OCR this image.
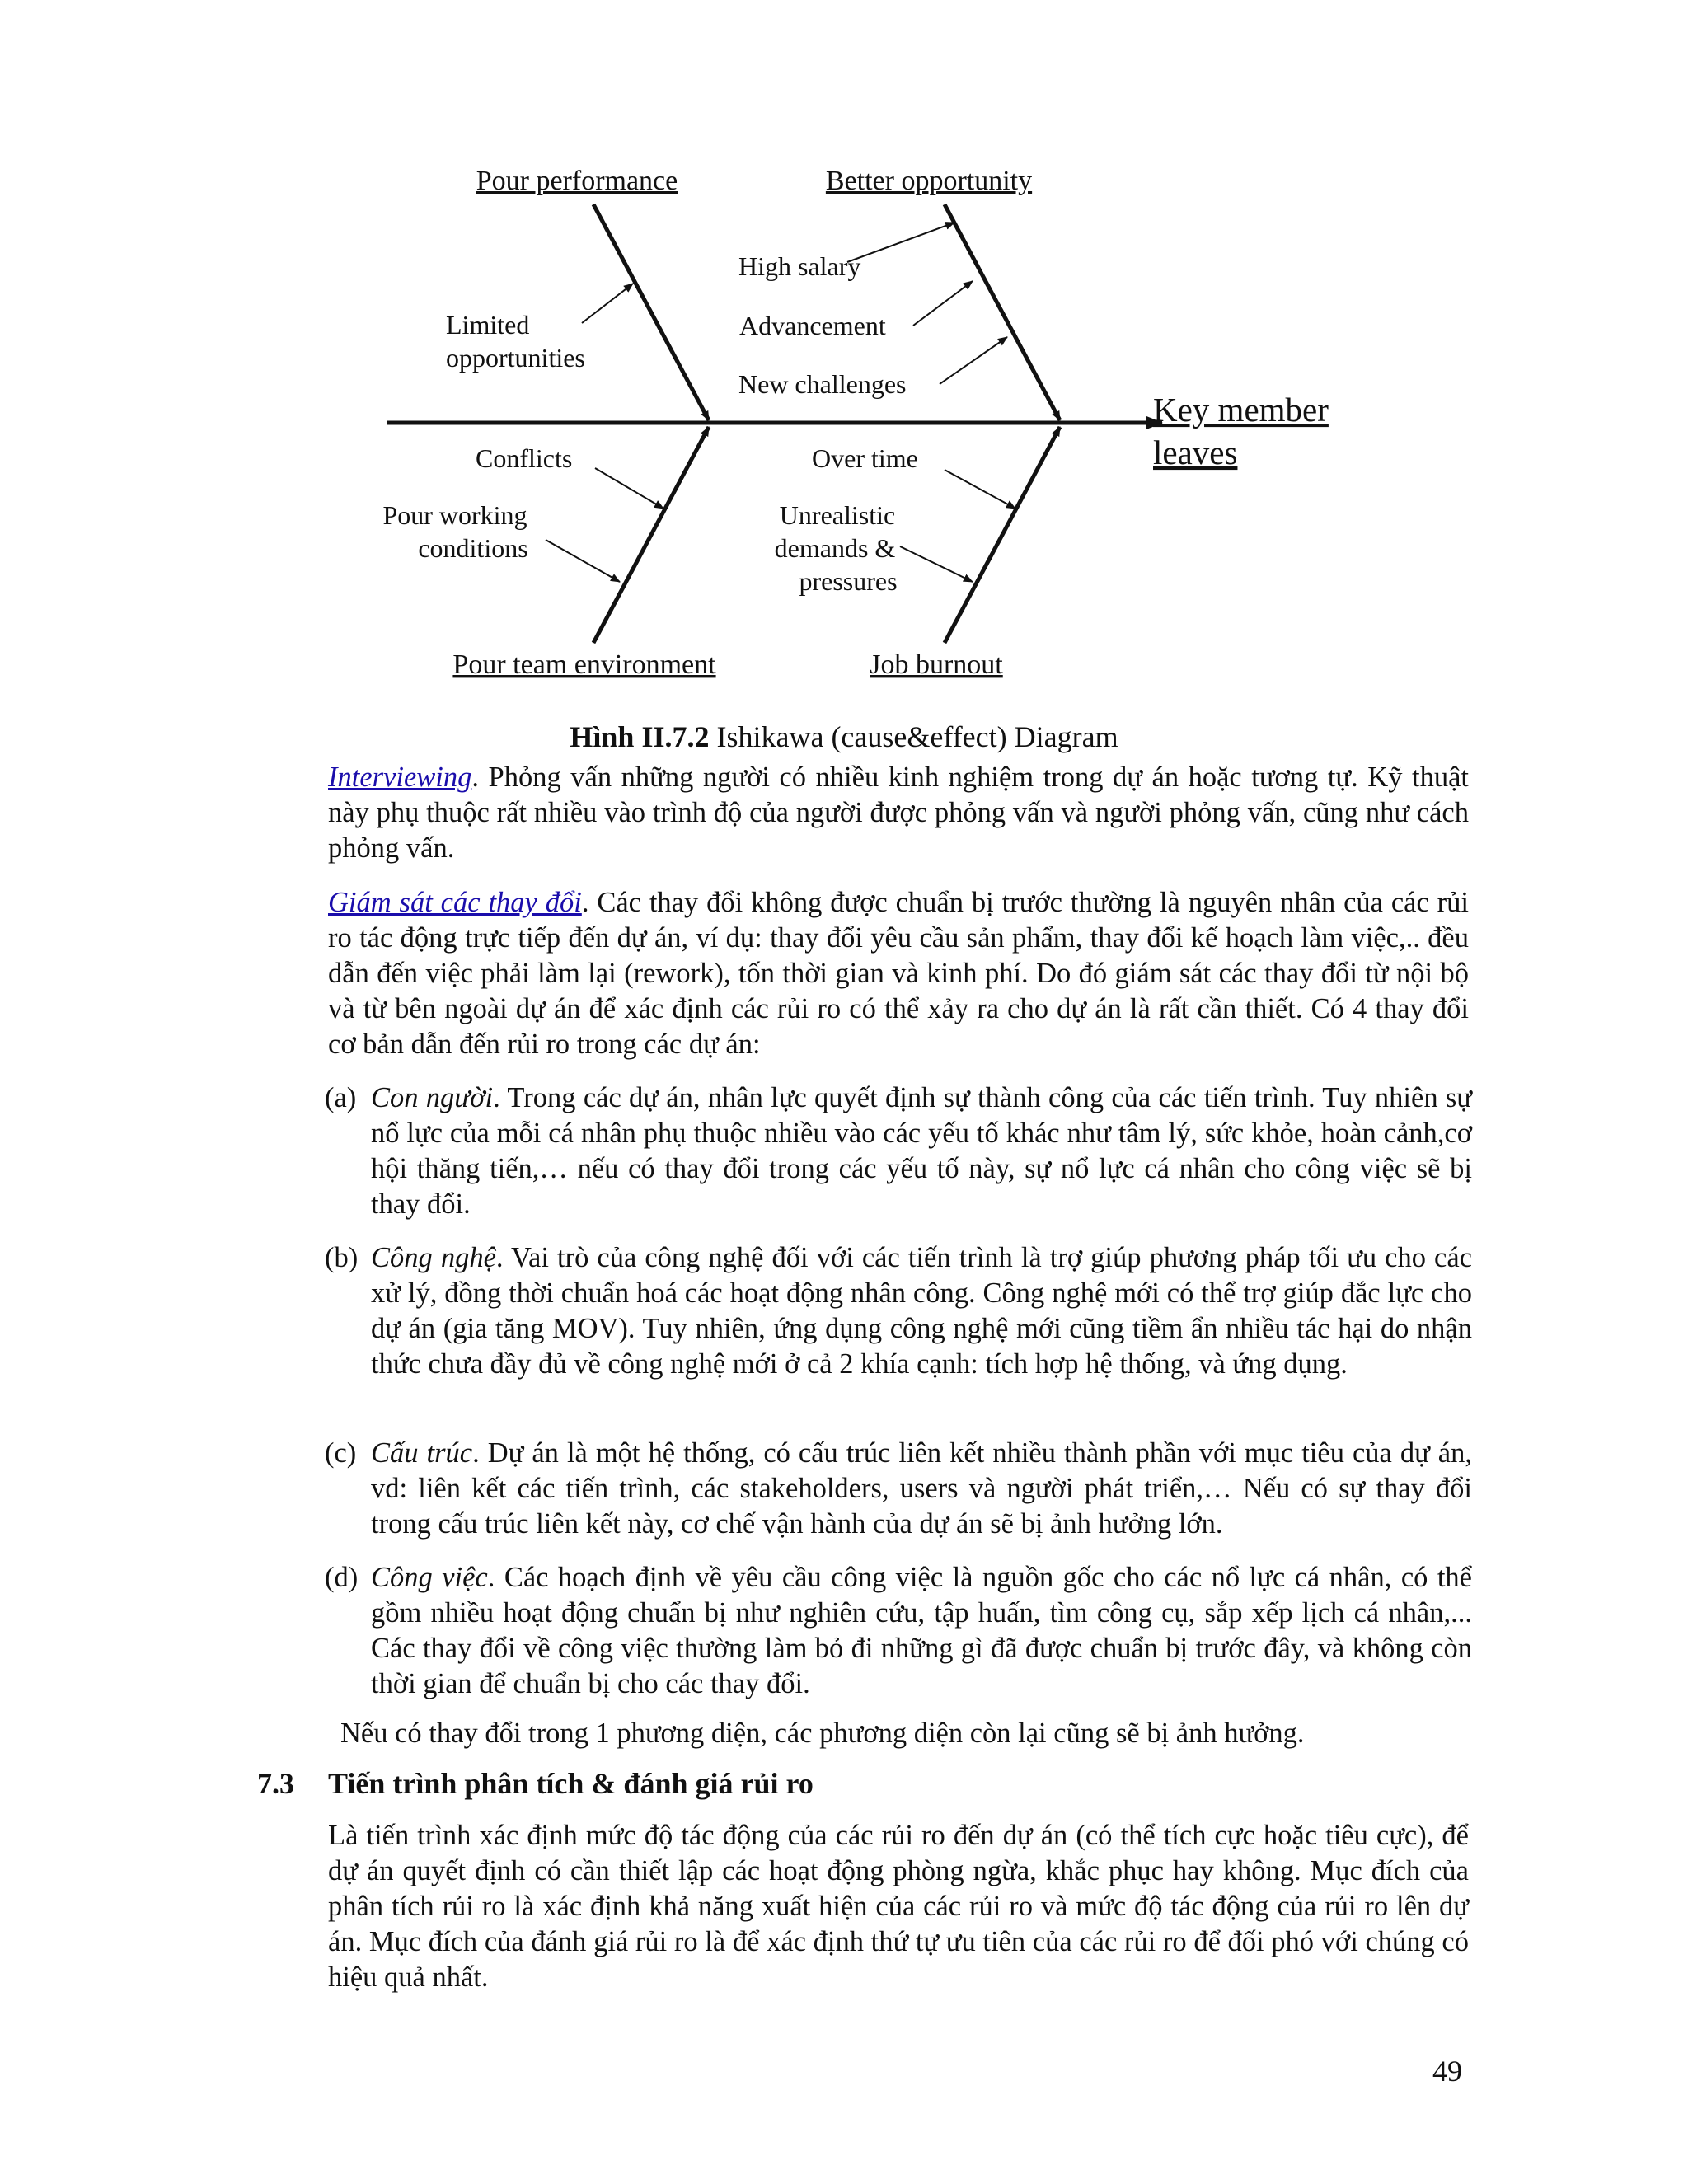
Pour performance	Better opportunity
Pour team environment	Job burnout
Limited
opportunities
High salary
Advancement
New challenges
Conflicts
Pour working
conditions
Over time
Unrealistic
demands &
pressures
Key member
leaves
Hình II.7.2 Ishikawa (cause&effect) Diagram
Interviewing. Phỏng vấn những người có nhiều kinh nghiệm trong dự án hoặc tương tự. Kỹ thuật này phụ thuộc rất nhiều vào trình độ của người được phỏng vấn và người phỏng vấn, cũng như cách phỏng vấn.
Giám sát các thay đổi. Các thay đổi không được chuẩn bị trước thường là nguyên nhân của các rủi ro tác động trực tiếp đến dự án, ví dụ: thay đổi yêu cầu sản phẩm, thay đổi kế hoạch làm việc,.. đều dẫn đến việc phải làm lại (rework), tốn thời gian và kinh phí. Do đó giám sát các thay đổi từ nội bộ và từ bên ngoài dự án để xác định các rủi ro có thể xảy ra cho dự án là rất cần thiết. Có 4 thay đổi cơ bản dẫn đến rủi ro trong các dự án:
(a) Con người. Trong các dự án, nhân lực quyết định sự thành công của các tiến trình. Tuy nhiên sự nổ lực của mỗi cá nhân phụ thuộc nhiều vào các yếu tố khác như tâm lý, sức khỏe, hoàn cảnh,cơ hội thăng tiến,… nếu có thay đổi trong các yếu tố này, sự nổ lực cá nhân cho công việc sẽ bị thay đổi.
(b) Công nghệ. Vai trò của công nghệ đối với các tiến trình là trợ giúp phương pháp tối ưu cho các xử lý, đồng thời chuẩn hoá các hoạt động nhân công. Công nghệ mới có thể trợ giúp đắc lực cho dự án (gia tăng MOV). Tuy nhiên, ứng dụng công nghệ mới cũng tiềm ẩn nhiều tác hại do nhận thức chưa đầy đủ về công nghệ mới ở cả 2 khía cạnh: tích hợp hệ thống, và ứng dụng.
(c) Cấu trúc. Dự án là một hệ thống, có cấu trúc liên kết nhiều thành phần với mục tiêu của dự án, vd: liên kết các tiến trình, các stakeholders, users và người phát triển,… Nếu có sự thay đổi trong cấu trúc liên kết này, cơ chế vận hành của dự án sẽ bị ảnh hưởng lớn.
(d) Công việc. Các hoạch định về yêu cầu công việc là nguồn gốc cho các nổ lực cá nhân, có thể gồm nhiều hoạt động chuẩn bị như nghiên cứu, tập huấn, tìm công cụ, sắp xếp lịch cá nhân,... Các thay đổi về công việc thường làm bỏ đi những gì đã được chuẩn bị trước đây, và không còn thời gian để chuẩn bị cho các thay đổi.
Nếu có thay đổi trong 1 phương diện, các phương diện còn lại cũng sẽ bị ảnh hưởng.
7.3 Tiến trình phân tích & đánh giá rủi ro
Là tiến trình xác định mức độ tác động của các rủi ro đến dự án (có thể tích cực hoặc tiêu cực), để dự án quyết định có cần thiết lập các hoạt động phòng ngừa, khắc phục hay không. Mục đích của phân tích rủi ro là xác định khả năng xuất hiện của các rủi ro và mức độ tác động của rủi ro lên dự án. Mục đích của đánh giá rủi ro là để xác định thứ tự ưu tiên của các rủi ro để đối phó với chúng có hiệu quả nhất.
49
